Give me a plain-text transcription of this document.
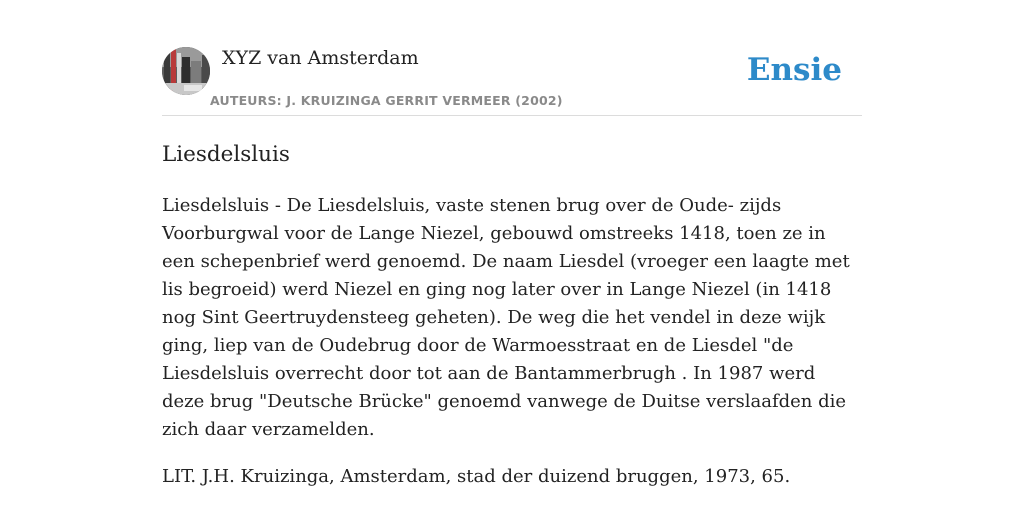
XYZ van Amsterdam
AUTEURS: J. KRUIZINGA GERRIT VERMEER (2002)
Ensie
Liesdelsluis

Liesdelsluis - De Liesdelsluis, vaste stenen brug over de Oude- zijds Voorburgwal voor de Lange Niezel, gebouwd omstreeks 1418, toen ze in een schepenbrief werd genoemd. De naam Liesdel (vroeger een laagte met lis begroeid) werd Niezel en ging nog later over in Lange Niezel (in 1418 nog Sint Geertruydensteeg geheten). De weg die het vendel in deze wijk ging, liep van de Oudebrug door de Warmoesstraat en de Liesdel "de Liesdelsluis overrecht door tot aan de Bantammerbrugh . In 1987 werd deze brug "Deutsche Brücke" genoemd vanwege de Duitse verslaafden die zich daar verzamelden.

LIT. J.H. Kruizinga, Amsterdam, stad der duizend bruggen, 1973, 65.
